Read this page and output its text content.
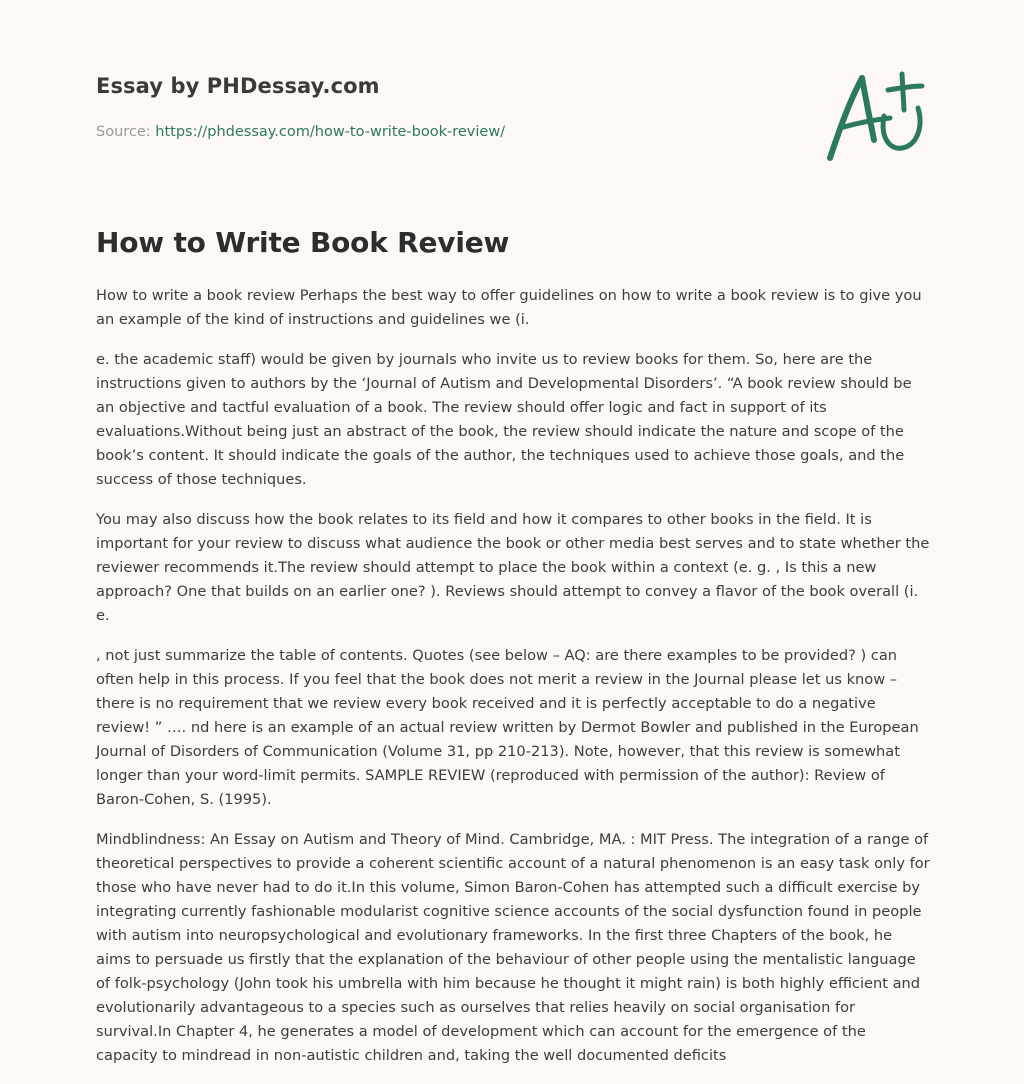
Essay by PHDessay.com
Source: https://phdessay.com/how-to-write-book-review/
How to Write Book Review

How to write a book review Perhaps the best way to offer guidelines on how to write a book review is to give you an example of the kind of instructions and guidelines we (i.

e. the academic staff) would be given by journals who invite us to review books for them. So, here are the instructions given to authors by the ‘Journal of Autism and Developmental Disorders’. “A book review should be an objective and tactful evaluation of a book. The review should offer logic and fact in support of its evaluations.Without being just an abstract of the book, the review should indicate the nature and scope of the book’s content. It should indicate the goals of the author, the techniques used to achieve those goals, and the success of those techniques.

You may also discuss how the book relates to its field and how it compares to other books in the field. It is important for your review to discuss what audience the book or other media best serves and to state whether the reviewer recommends it.The review should attempt to place the book within a context (e. g. , Is this a new approach? One that builds on an earlier one? ). Reviews should attempt to convey a flavor of the book overall (i. e.

, not just summarize the table of contents. Quotes (see below – AQ: are there examples to be provided? ) can often help in this process. If you feel that the book does not merit a review in the Journal please let us know – there is no requirement that we review every book received and it is perfectly acceptable to do a negative review! ” …. nd here is an example of an actual review written by Dermot Bowler and published in the European Journal of Disorders of Communication (Volume 31, pp 210-213). Note, however, that this review is somewhat longer than your word-limit permits. SAMPLE REVIEW (reproduced with permission of the author): Review of Baron-Cohen, S. (1995).

Mindblindness: An Essay on Autism and Theory of Mind. Cambridge, MA. : MIT Press. The integration of a range of theoretical perspectives to provide a coherent scientific account of a natural phenomenon is an easy task only for those who have never had to do it.In this volume, Simon Baron-Cohen has attempted such a difficult exercise by integrating currently fashionable modularist cognitive science accounts of the social dysfunction found in people with autism into neuropsychological and evolutionary frameworks. In the first three Chapters of the book, he aims to persuade us firstly that the explanation of the behaviour of other people using the mentalistic language of folk-psychology (John took his umbrella with him because he thought it might rain) is both highly efficient and evolutionarily advantageous to a species such as ourselves that relies heavily on social organisation for survival.In Chapter 4, he generates a model of development which can account for the emergence of the capacity to mindread in non-autistic children and, taking the well documented deficits
